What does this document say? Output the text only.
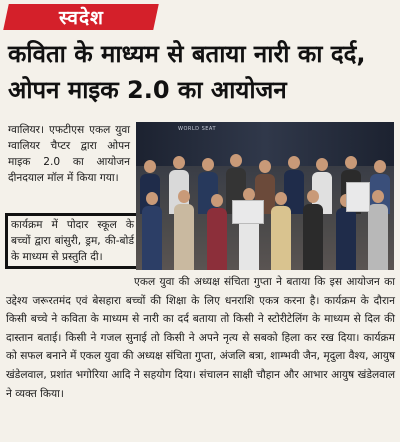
स्वदेश
कविता के माध्यम से बताया नारी का दर्द, ओपन माइक 2.0 का आयोजन
ग्वालियर। एफटीएस एकल युवा ग्वालियर चैप्टर द्वारा ओपन माइक 2.0 का आयोजन दीनदयाल मॉल में किया गया।
कार्यक्रम में पोदार स्कूल के बच्चों द्वारा बांसुरी, ड्रम, की-बोर्ड के माध्यम से प्रस्तुति दी।
WORLD SEAT
एकल युवा की अध्यक्ष संचिता गुप्ता ने बताया कि इस आयोजन का उद्देश्य जरूरतमंद एवं बेसहारा बच्चों की शिक्षा के लिए धनराशि एकत्र करना है। कार्यक्रम के दौरान किसी बच्चे ने कविता के माध्यम से नारी का दर्द बताया तो किसी ने स्टोरीटेलिंग के माध्यम से दिल की दास्तान बताई। किसी ने गजल सुनाई तो किसी ने अपने नृत्य से सबको हिला कर रख दिया। कार्यक्रम को सफल बनाने में एकल युवा की अध्यक्ष संचिता गुप्ता, अंजलि बत्रा, शाम्भवी जैन, मृदुला वैश्य, आयुष खंडेलवाल, प्रशांत भगोरिया आदि ने सहयोग दिया। संचालन साक्षी चौहान और आभार आयुष खंडेलवाल ने व्यक्त किया।
